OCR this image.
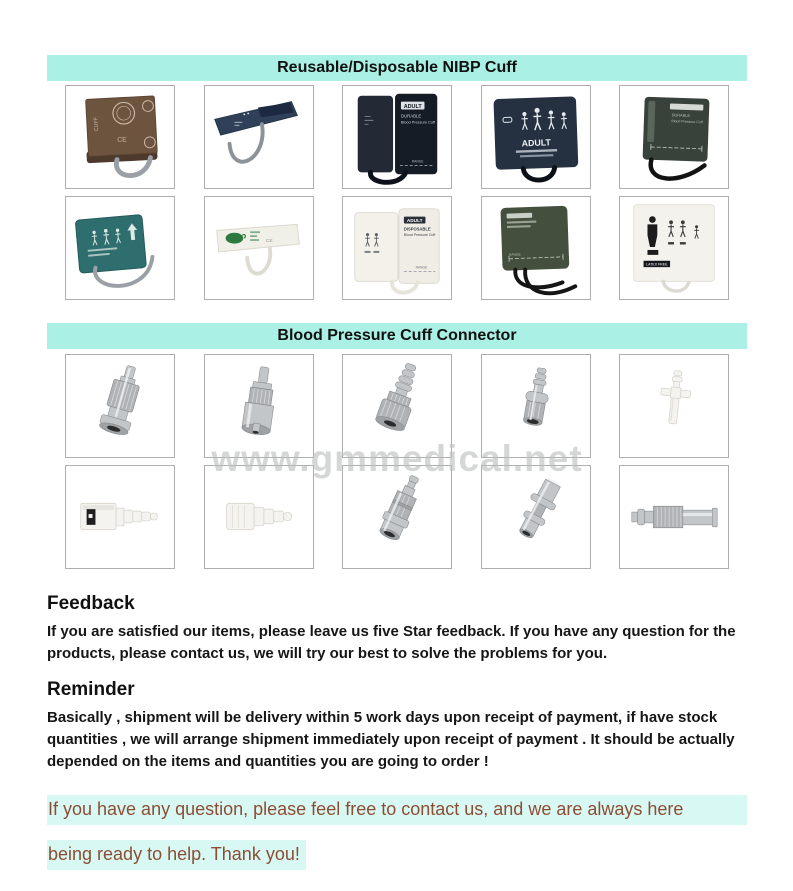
Reusable/Disposable NIBP Cuff
CUFF
CE
ADULT
DURABLE
Blood Pressure Cuff
RANGE
ADULT
DURABLE
Blood Pressure Cuff
CE
ADULT
DISPOSABLE
Blood Pressure Cuff
RANGE
RANGE
LATEX FREE
Blood Pressure Cuff Connector
www.gmmedical.net
Feedback

If you are satisfied our items, please leave us five Star feedback. If you have any question for the products, please contact us, we will try our best to solve the problems for you.

Reminder

Basically , shipment will be delivery within 5 work days upon receipt of payment, if have stock quantities , we will arrange shipment immediately upon receipt of payment . It should be actually depended on the items and quantities you are going to order !

If you have any question, please feel free to contact us, and we are always here
being ready to help. Thank you!
